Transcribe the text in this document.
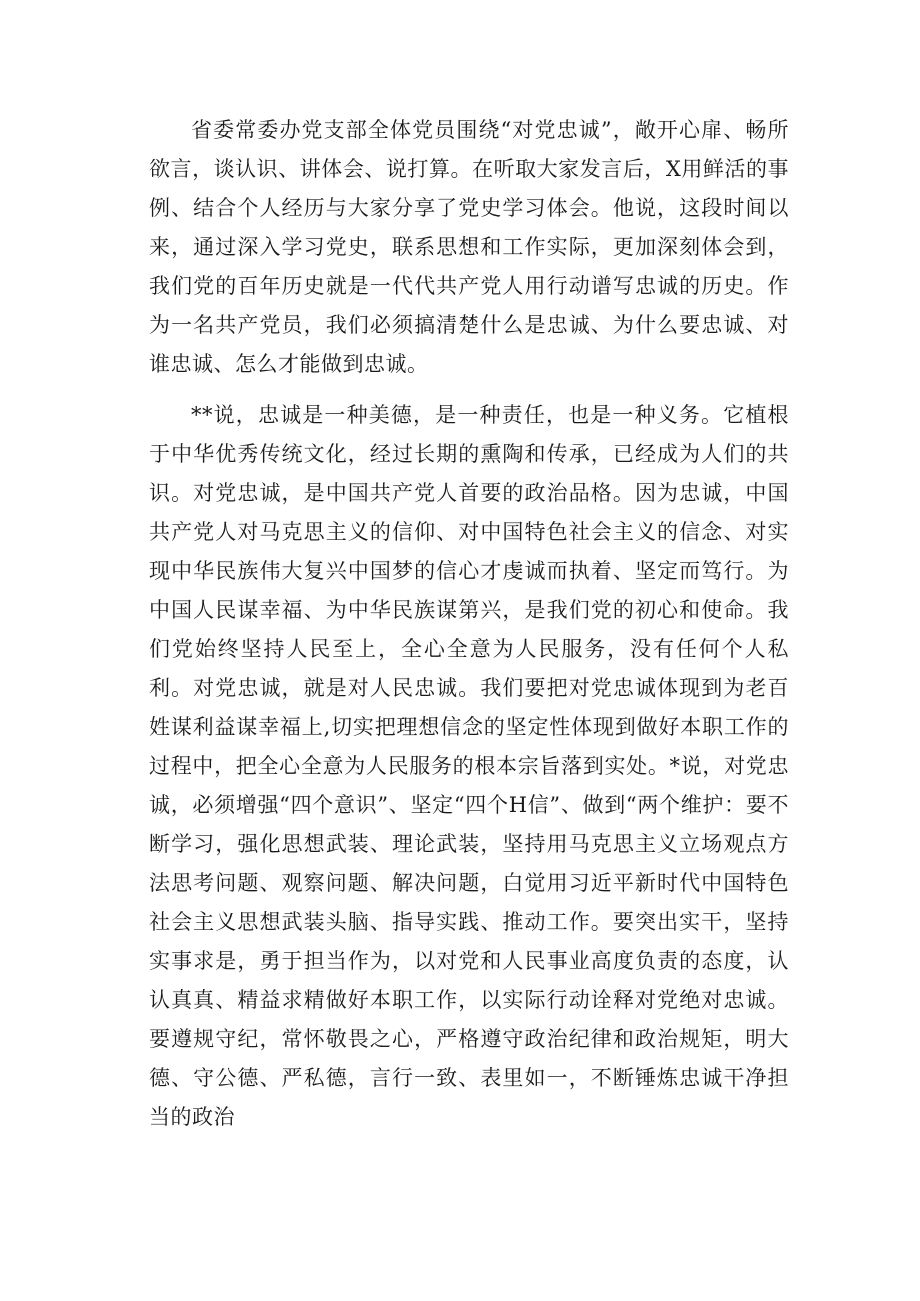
省委常委办党支部全体党员围绕“对党忠诚”，敞开心扉、畅所欲言，谈认识、讲体会、说打算。在听取大家发言后，X用鲜活的事例、结合个人经历与大家分享了党史学习体会。他说，这段时间以来，通过深入学习党史，联系思想和工作实际，更加深刻体会到，我们党的百年历史就是一代代共产党人用行动谱写忠诚的历史。作为一名共产党员，我们必须搞清楚什么是忠诚、为什么要忠诚、对谁忠诚、怎么才能做到忠诚。

**说，忠诚是一种美德，是一种责任，也是一种义务。它植根于中华优秀传统文化，经过长期的熏陶和传承，已经成为人们的共识。对党忠诚，是中国共产党人首要的政治品格。因为忠诚，中国共产党人对马克思主义的信仰、对中国特色社会主义的信念、对实现中华民族伟大复兴中国梦的信心才虔诚而执着、坚定而笃行。为中国人民谋幸福、为中华民族谋第兴，是我们党的初心和使命。我们党始终坚持人民至上，全心全意为人民服务，没有任何个人私利。对党忠诚，就是对人民忠诚。我们要把对党忠诚体现到为老百姓谋利益谋幸福上,切实把理想信念的坚定性体现到做好本职工作的过程中，把全心全意为人民服务的根本宗旨落到实处。*说，对党忠诚，必须增强“四个意识”、坚定“四个H信”、做到“两个维护：要不断学习，强化思想武装、理论武装，坚持用马克思主义立场观点方法思考问题、观察问题、解决问题，白觉用习近平新时代中国特色社会主义思想武装头脑、指导实践、推动工作。要突出实干，坚持实事求是，勇于担当作为，以对党和人民事业高度负责的态度，认认真真、精益求精做好本职工作，以实际行动诠释对党绝对忠诚。要遵规守纪，常怀敬畏之心，严格遵守政治纪律和政治规矩，明大德、守公德、严私德，言行一致、表里如一，不断锤炼忠诚干净担当的政治
